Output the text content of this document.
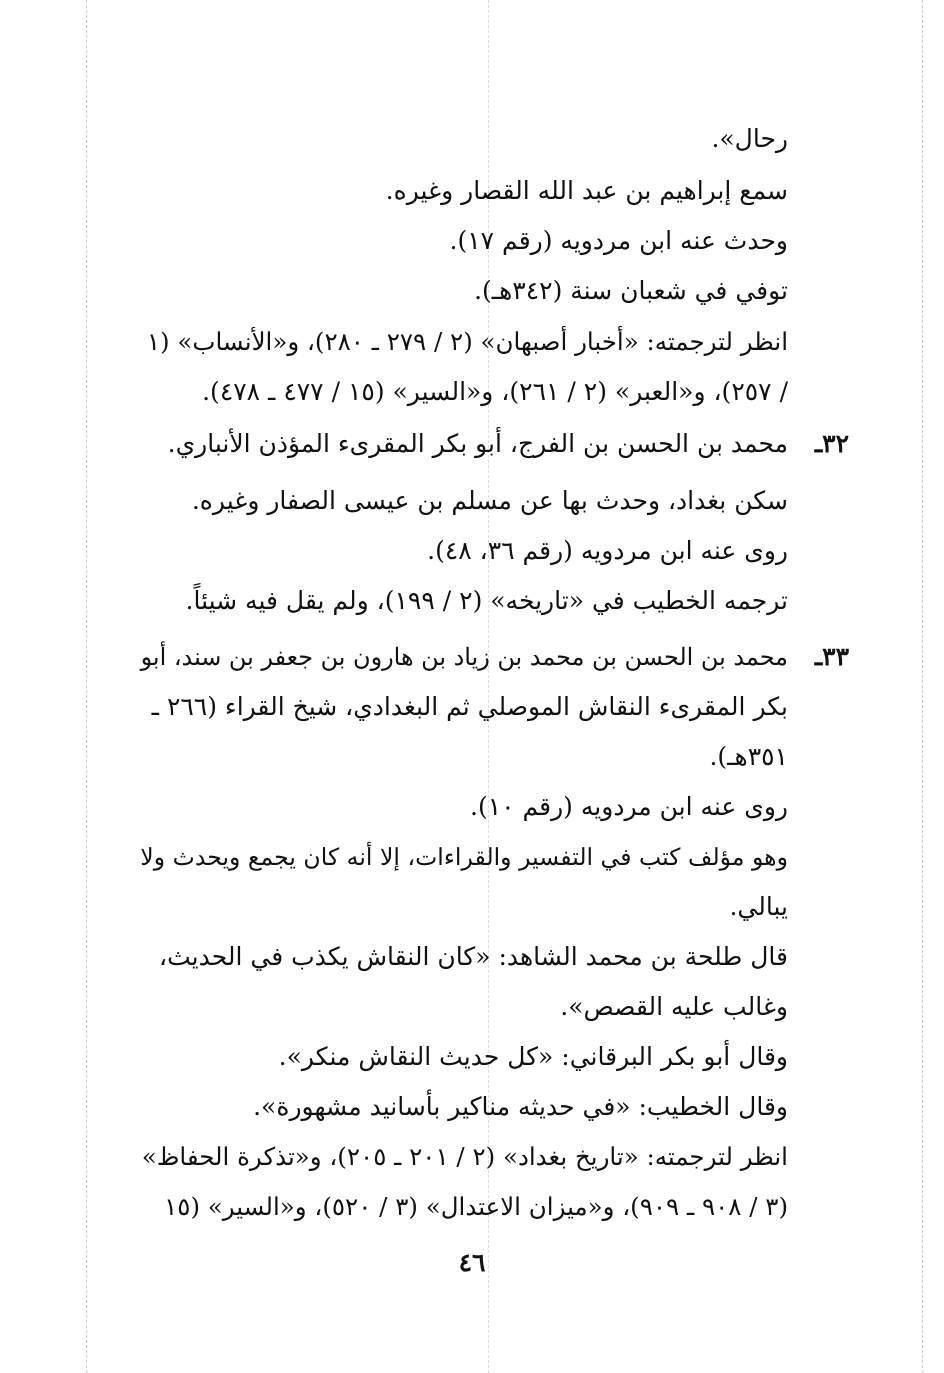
رحال».
سمع إبراهيم بن عبد الله القصار وغيره.
وحدث عنه ابن مردويه (رقم ١٧).
توفي في شعبان سنة (٣٤٢هـ).
انظر لترجمته: «أخبار أصبهان» (٢ / ٢٧٩ ـ ٢٨٠)، و«الأنساب» (١
/ ٢٥٧)، و«العبر» (٢ / ٢٦١)، و«السير» (١٥ / ٤٧٧ ـ ٤٧٨).
٣٢ـ
محمد بن الحسن بن الفرج، أبو بكر المقرىء المؤذن الأنباري.
سكن بغداد، وحدث بها عن مسلم بن عيسى الصفار وغيره.
روى عنه ابن مردويه (رقم ٣٦، ٤٨).
ترجمه الخطيب في «تاريخه» (٢ / ١٩٩)، ولم يقل فيه شيئاً.
٣٣ـ
محمد بن الحسن بن محمد بن زياد بن هارون بن جعفر بن سند، أبو
بكر المقرىء النقاش الموصلي ثم البغدادي، شيخ القراء (٢٦٦ ـ
٣٥١هـ).
روى عنه ابن مردويه (رقم ١٠).
وهو مؤلف كتب في التفسير والقراءات، إلا أنه كان يجمع ويحدث ولا
يبالي.
قال طلحة بن محمد الشاهد: «كان النقاش يكذب في الحديث،
وغالب عليه القصص».
وقال أبو بكر البرقاني: «كل حديث النقاش منكر».
وقال الخطيب: «في حديثه مناكير بأسانيد مشهورة».
انظر لترجمته: «تاريخ بغداد» (٢ / ٢٠١ ـ ٢٠٥)، و«تذكرة الحفاظ»
(٣ / ٩٠٨ ـ ٩٠٩)، و«ميزان الاعتدال» (٣ / ٥٢٠)، و«السير» (١٥
٤٦
